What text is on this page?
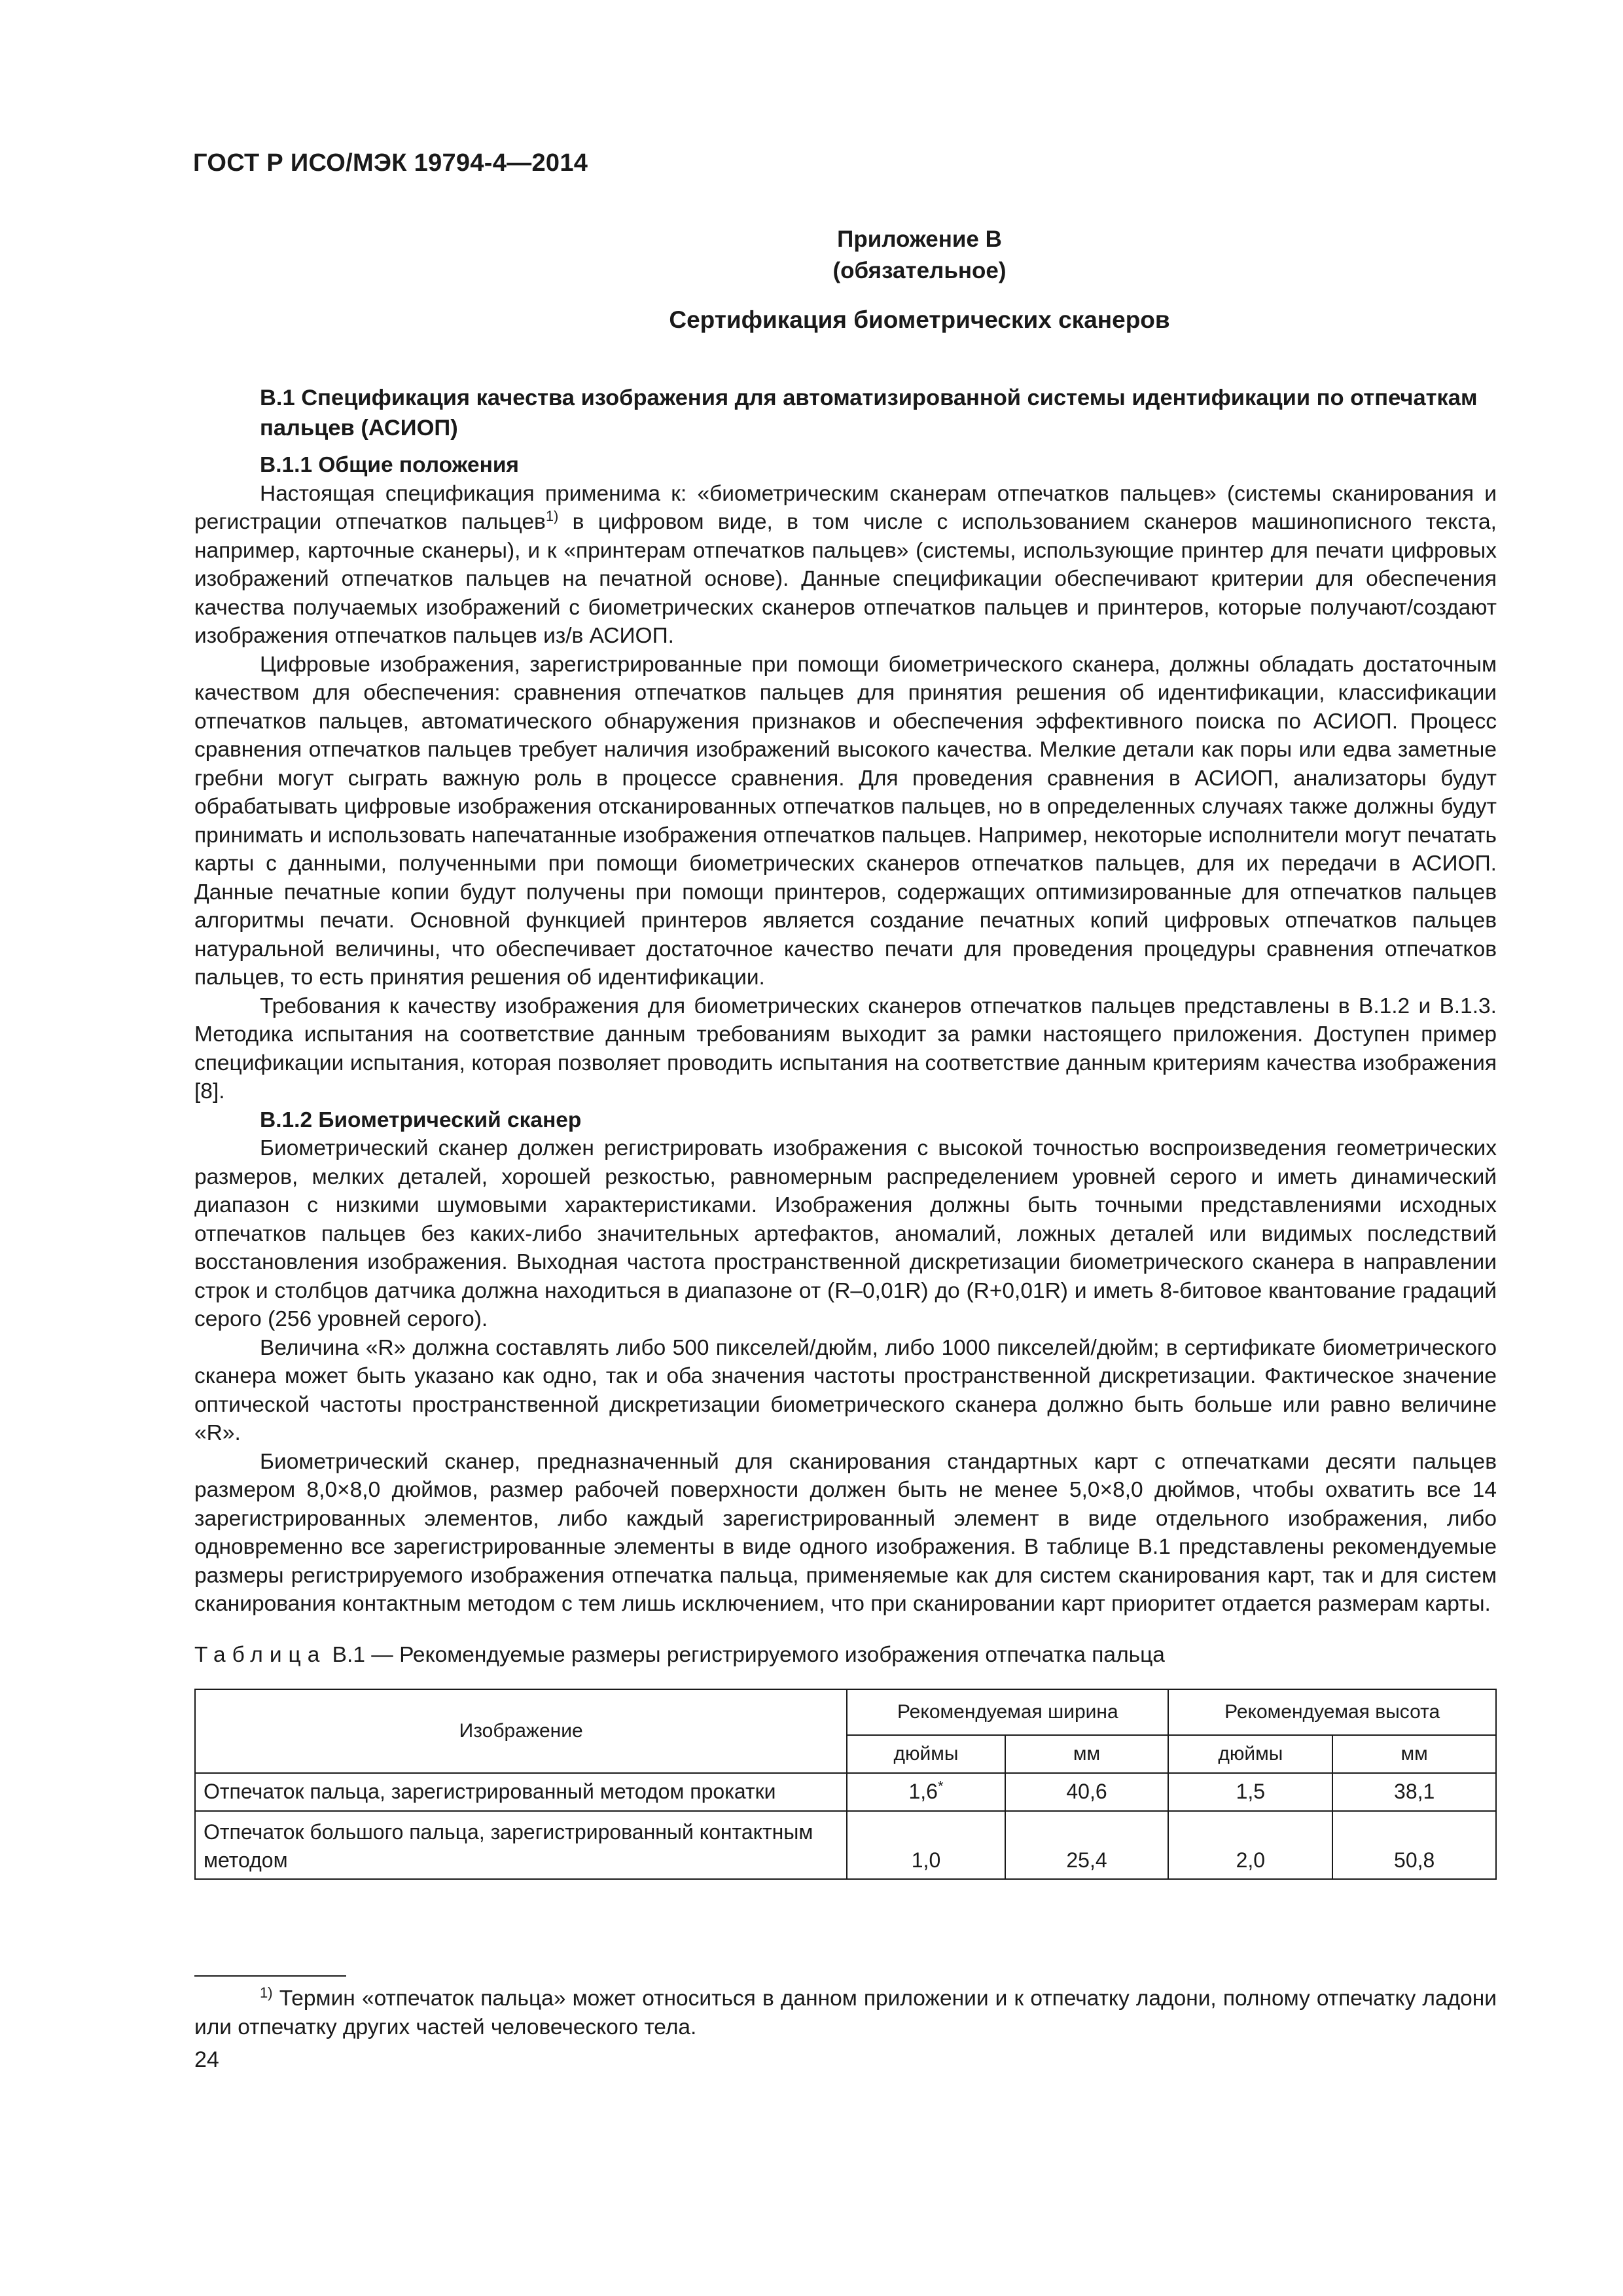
ГОСТ Р ИСО/МЭК 19794-4—2014
Приложение В
(обязательное)
Сертификация биометрических сканеров
В.1 Спецификация качества изображения для автоматизированной системы идентификации по отпечаткам пальцев (АСИОП)
В.1.1 Общие положения

Настоящая спецификация применима к: «биометрическим сканерам отпечатков пальцев» (системы сканирования и регистрации отпечатков пальцев$^{1)}$ в цифровом виде, в том числе с использованием сканеров машинописного текста, например, карточные сканеры), и к «принтерам отпечатков пальцев» (системы, использующие принтер для печати цифровых изображений отпечатков пальцев на печатной основе). Данные спецификации обеспечивают критерии для обеспечения качества получаемых изображений с биометрических сканеров отпечатков пальцев и принтеров, которые получают/создают изображения отпечатков пальцев из/в АСИОП.

Цифровые изображения, зарегистрированные при помощи биометрического сканера, должны обладать достаточным качеством для обеспечения: сравнения отпечатков пальцев для принятия решения об идентификации, классификации отпечатков пальцев, автоматического обнаружения признаков и обеспечения эффективного поиска по АСИОП. Процесс сравнения отпечатков пальцев требует наличия изображений высокого качества. Мелкие детали как поры или едва заметные гребни могут сыграть важную роль в процессе сравнения. Для проведения сравнения в АСИОП, анализаторы будут обрабатывать цифровые изображения отсканированных отпечатков пальцев, но в определенных случаях также должны будут принимать и использовать напечатанные изображения отпечатков пальцев. Например, некоторые исполнители могут печатать карты с данными, полученными при помощи биометрических сканеров отпечатков пальцев, для их передачи в АСИОП. Данные печатные копии будут получены при помощи принтеров, содержащих оптимизированные для отпечатков пальцев алгоритмы печати. Основной функцией принтеров является создание печатных копий цифровых отпечатков пальцев натуральной величины, что обеспечивает достаточное качество печати для проведения процедуры сравнения отпечатков пальцев, то есть принятия решения об идентификации.

Требования к качеству изображения для биометрических сканеров отпечатков пальцев представлены в В.1.2 и В.1.3. Методика испытания на соответствие данным требованиям выходит за рамки настоящего приложения. Доступен пример спецификации испытания, которая позволяет проводить испытания на соответствие данным критериям качества изображения [8].

В.1.2 Биометрический сканер

Биометрический сканер должен регистрировать изображения с высокой точностью воспроизведения геометрических размеров, мелких деталей, хорошей резкостью, равномерным распределением уровней серого и иметь динамический диапазон с низкими шумовыми характеристиками. Изображения должны быть точными представлениями исходных отпечатков пальцев без каких-либо значительных артефактов, аномалий, ложных деталей или видимых последствий восстановления изображения. Выходная частота пространственной дискретизации биометрического сканера в направлении строк и столбцов датчика должна находиться в диапазоне от (R–0,01R) до (R+0,01R) и иметь 8-битовое квантование градаций серого (256 уровней серого).

Величина «R» должна составлять либо 500 пикселей/дюйм, либо 1000 пикселей/дюйм; в сертификате биометрического сканера может быть указано как одно, так и оба значения частоты пространственной дискретизации. Фактическое значение оптической частоты пространственной дискретизации биометрического сканера должно быть больше или равно величине «R».

Биометрический сканер, предназначенный для сканирования стандартных карт с отпечатками десяти пальцев размером 8,0×8,0 дюймов, размер рабочей поверхности должен быть не менее 5,0×8,0 дюймов, чтобы охватить все 14 зарегистрированных элементов, либо каждый зарегистрированный элемент в виде отдельного изображения, либо одновременно все зарегистрированные элементы в виде одного изображения. В таблице В.1 представлены рекомендуемые размеры регистрируемого изображения отпечатка пальца, применяемые как для систем сканирования карт, так и для систем сканирования контактным методом с тем лишь исключением, что при сканировании карт приоритет отдается размерам карты.

Таблица В.1 — Рекомендуемые размеры регистрируемого изображения отпечатка пальца
Изображение	Рекомендуемая ширина		Рекомендуемая высота	
	дюймы	мм	дюймы	мм
Отпечаток пальца, зарегистрированный методом прокатки	1,6*	40,6	1,5	38,1
Отпечаток большого пальца, зарегистрированный контактным методом	1,0	25,4	2,0	50,8
$^{1)}$ Термин «отпечаток пальца» может относиться в данном приложении и к отпечатку ладони, полному отпечатку ладони или отпечатку других частей человеческого тела.
24
